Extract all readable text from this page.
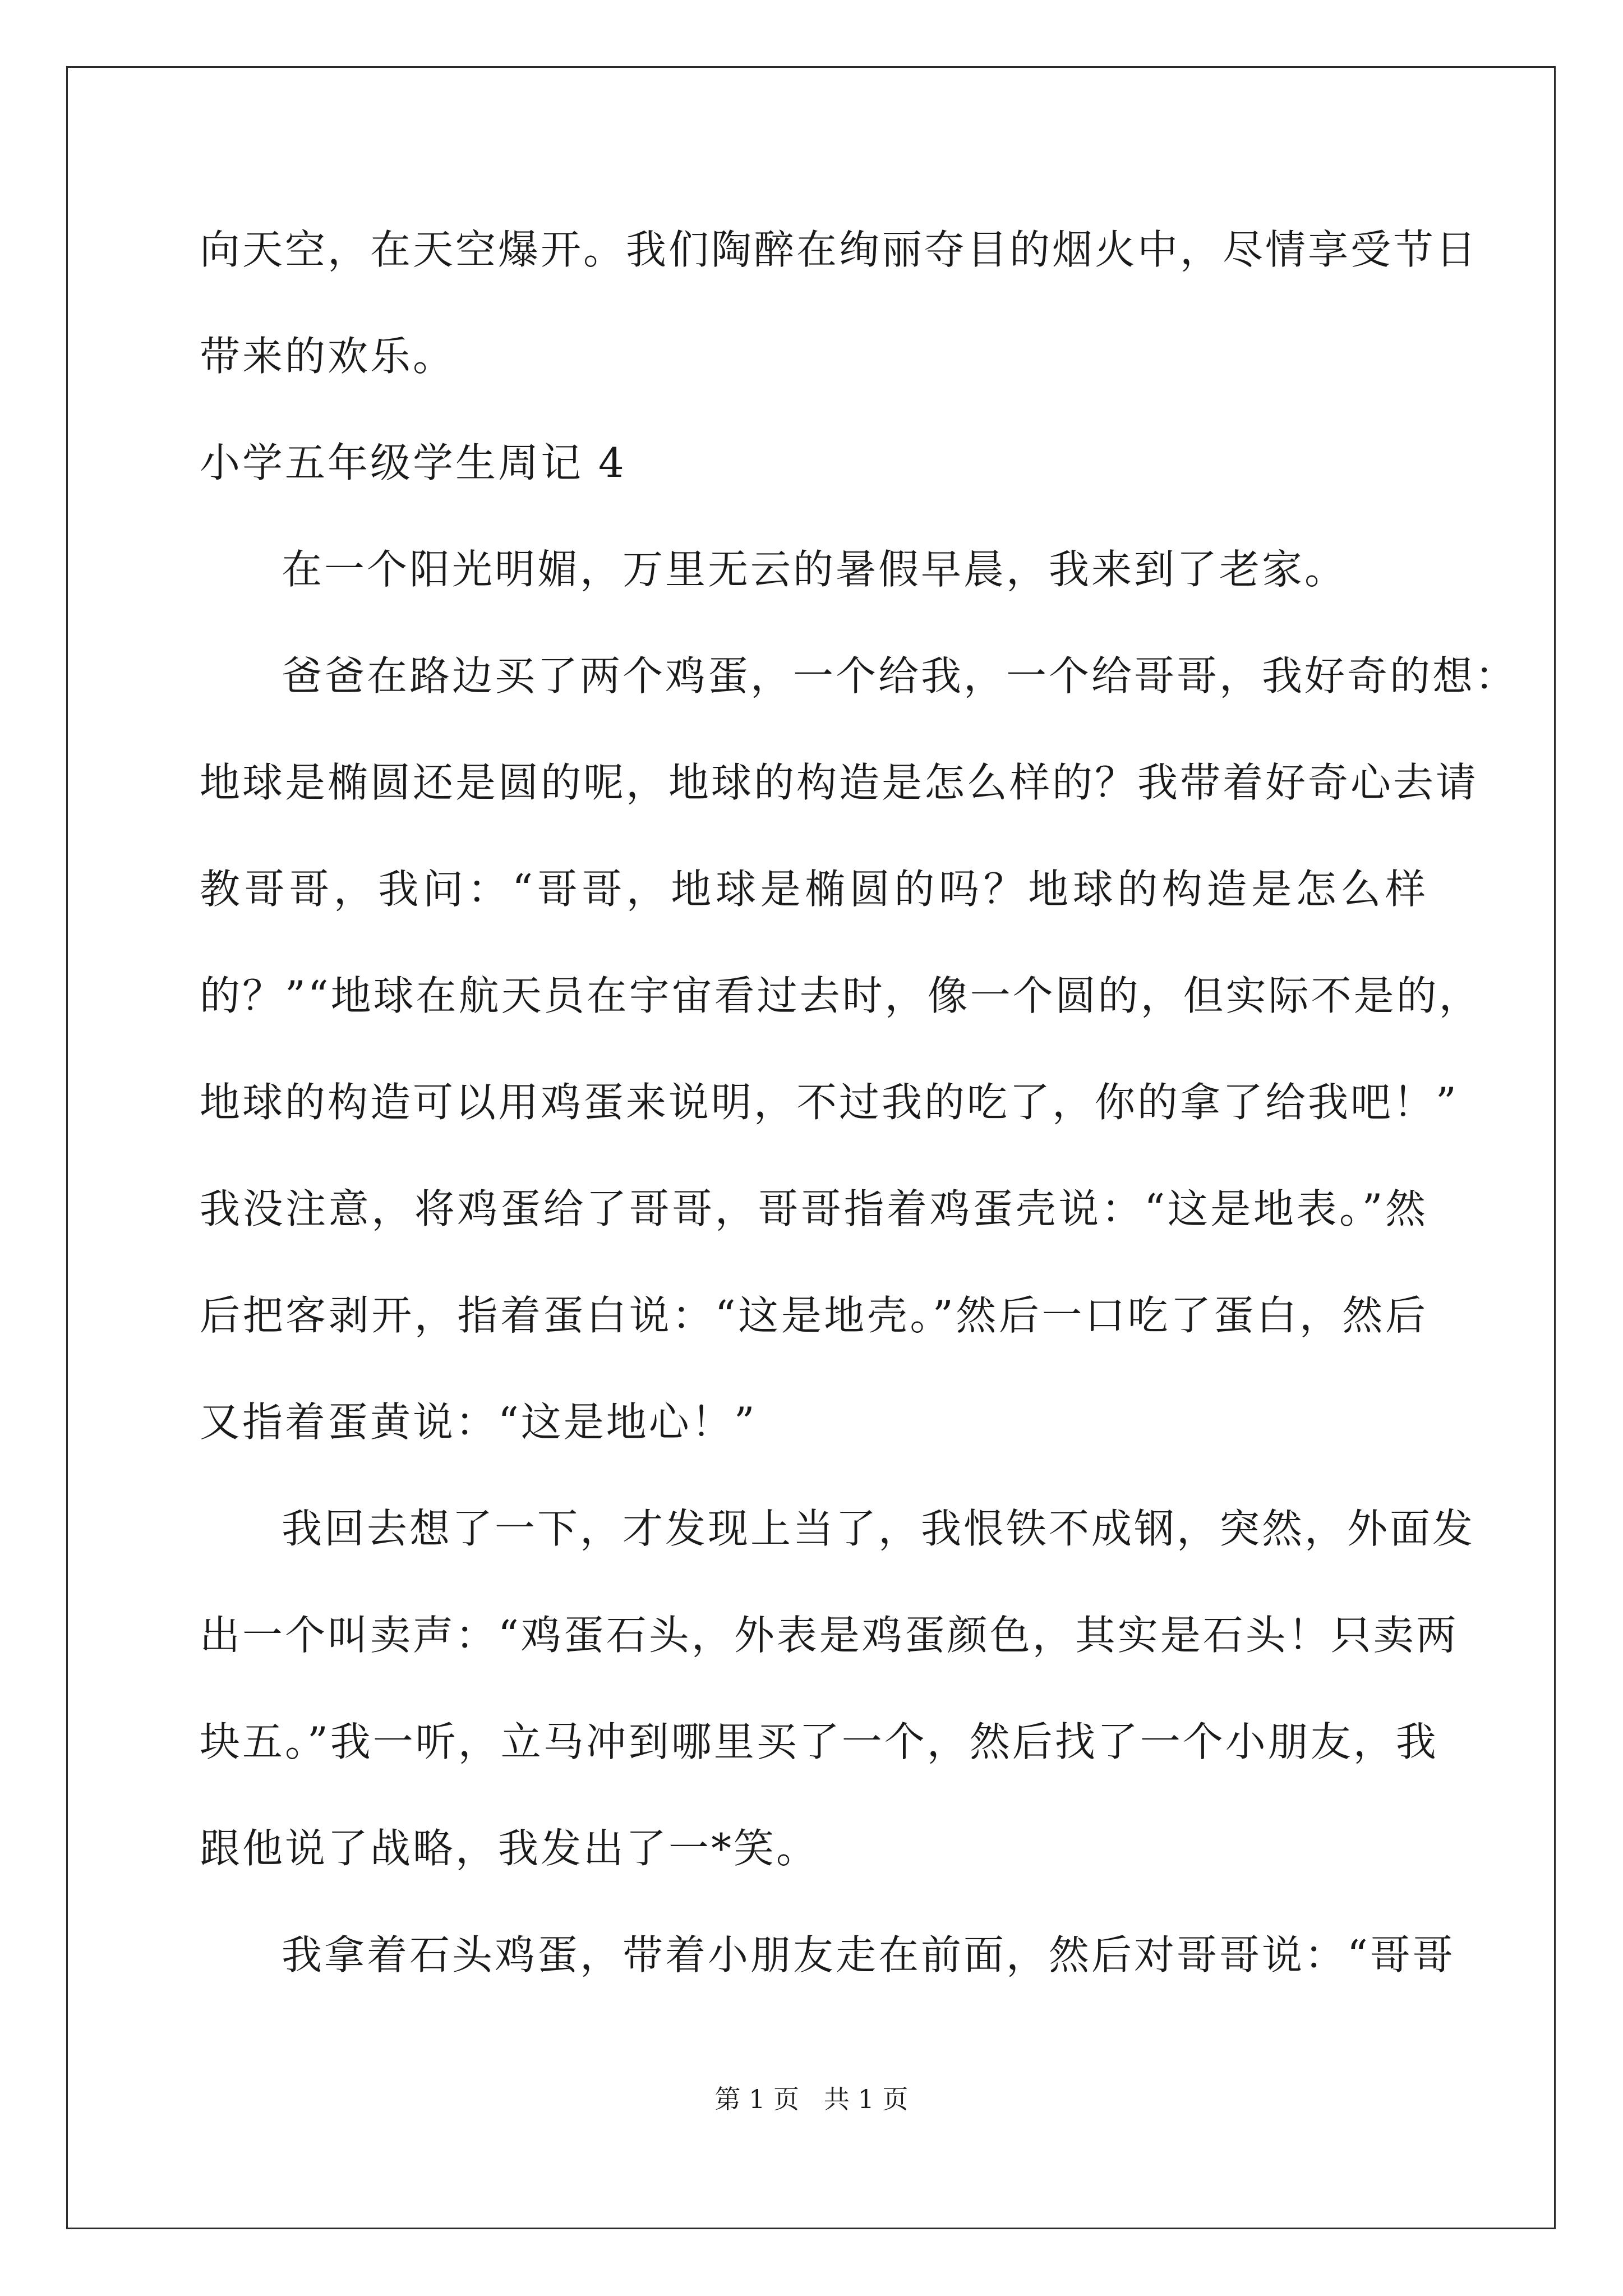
向天空，在天空爆开。我们陶醉在绚丽夺目的烟火中，尽情享受节日
带来的欢乐。
小学五年级学生周记 4
在一个阳光明媚，万里无云的暑假早晨，我来到了老家。
爸爸在路边买了两个鸡蛋，一个给我，一个给哥哥，我好奇的想：
地球是椭圆还是圆的呢，地球的构造是怎么样的？我带着好奇心去请
教哥哥，我问：“哥哥，地球是椭圆的吗？地球的构造是怎么样
的？”“地球在航天员在宇宙看过去时，像一个圆的，但实际不是的，
地球的构造可以用鸡蛋来说明，不过我的吃了，你的拿了给我吧！”
我没注意，将鸡蛋给了哥哥，哥哥指着鸡蛋壳说：“这是地表。”然
后把客剥开，指着蛋白说：“这是地壳。”然后一口吃了蛋白，然后
又指着蛋黄说：“这是地心！”
我回去想了一下，才发现上当了，我恨铁不成钢，突然，外面发
出一个叫卖声：“鸡蛋石头，外表是鸡蛋颜色，其实是石头！只卖两
块五。”我一听，立马冲到哪里买了一个，然后找了一个小朋友，我
跟他说了战略，我发出了一*笑。
我拿着石头鸡蛋，带着小朋友走在前面，然后对哥哥说：“哥哥
第 1 页   共 1 页
